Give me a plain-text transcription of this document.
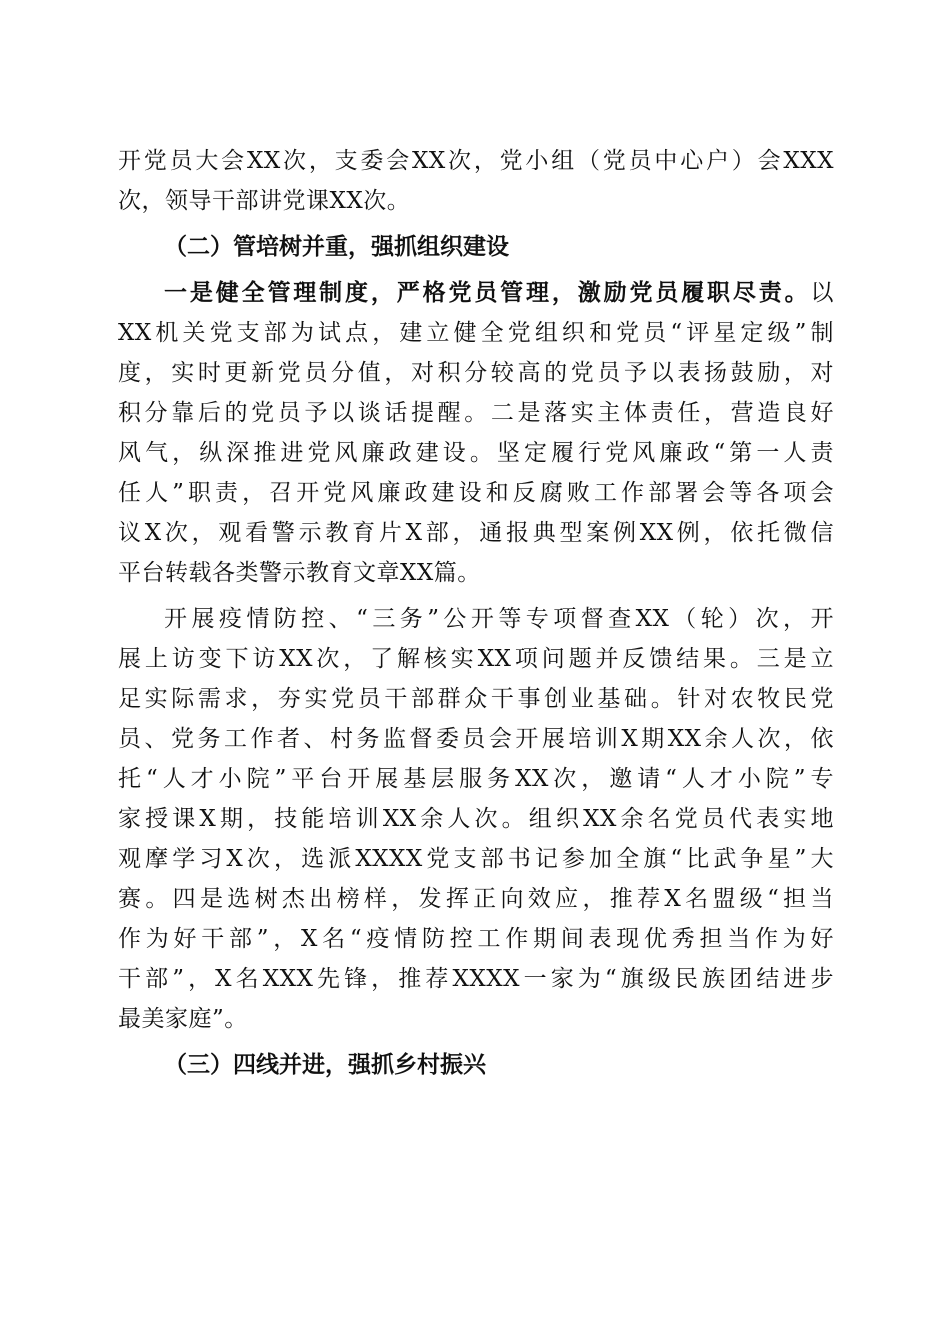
开党员大会XX次，支委会XX次，党小组（党员中心户）会XXX
次，领导干部讲党课XX次。
（二）管培树并重，强抓组织建设
一是健全管理制度，严格党员管理，激励党员履职尽责。以
XX机关党支部为试点，建立健全党组织和党员“评星定级”制
度，实时更新党员分值，对积分较高的党员予以表扬鼓励，对
积分靠后的党员予以谈话提醒。二是落实主体责任，营造良好
风气，纵深推进党风廉政建设。坚定履行党风廉政“第一人责
任人”职责，召开党风廉政建设和反腐败工作部署会等各项会
议X次，观看警示教育片X部，通报典型案例XX例，依托微信
平台转载各类警示教育文章XX篇。
开展疫情防控、“三务”公开等专项督查XX（轮）次，开
展上访变下访XX次，了解核实XX项问题并反馈结果。三是立
足实际需求，夯实党员干部群众干事创业基础。针对农牧民党
员、党务工作者、村务监督委员会开展培训X期XX余人次，依
托“人才小院”平台开展基层服务XX次，邀请“人才小院”专
家授课X期，技能培训XX余人次。组织XX余名党员代表实地
观摩学习X次，选派XXXX党支部书记参加全旗“比武争星”大
赛。四是选树杰出榜样，发挥正向效应，推荐X名盟级“担当
作为好干部”，X名“疫情防控工作期间表现优秀担当作为好
干部”，X名XXX先锋，推荐XXXX一家为“旗级民族团结进步
最美家庭”。
（三）四线并进，强抓乡村振兴
